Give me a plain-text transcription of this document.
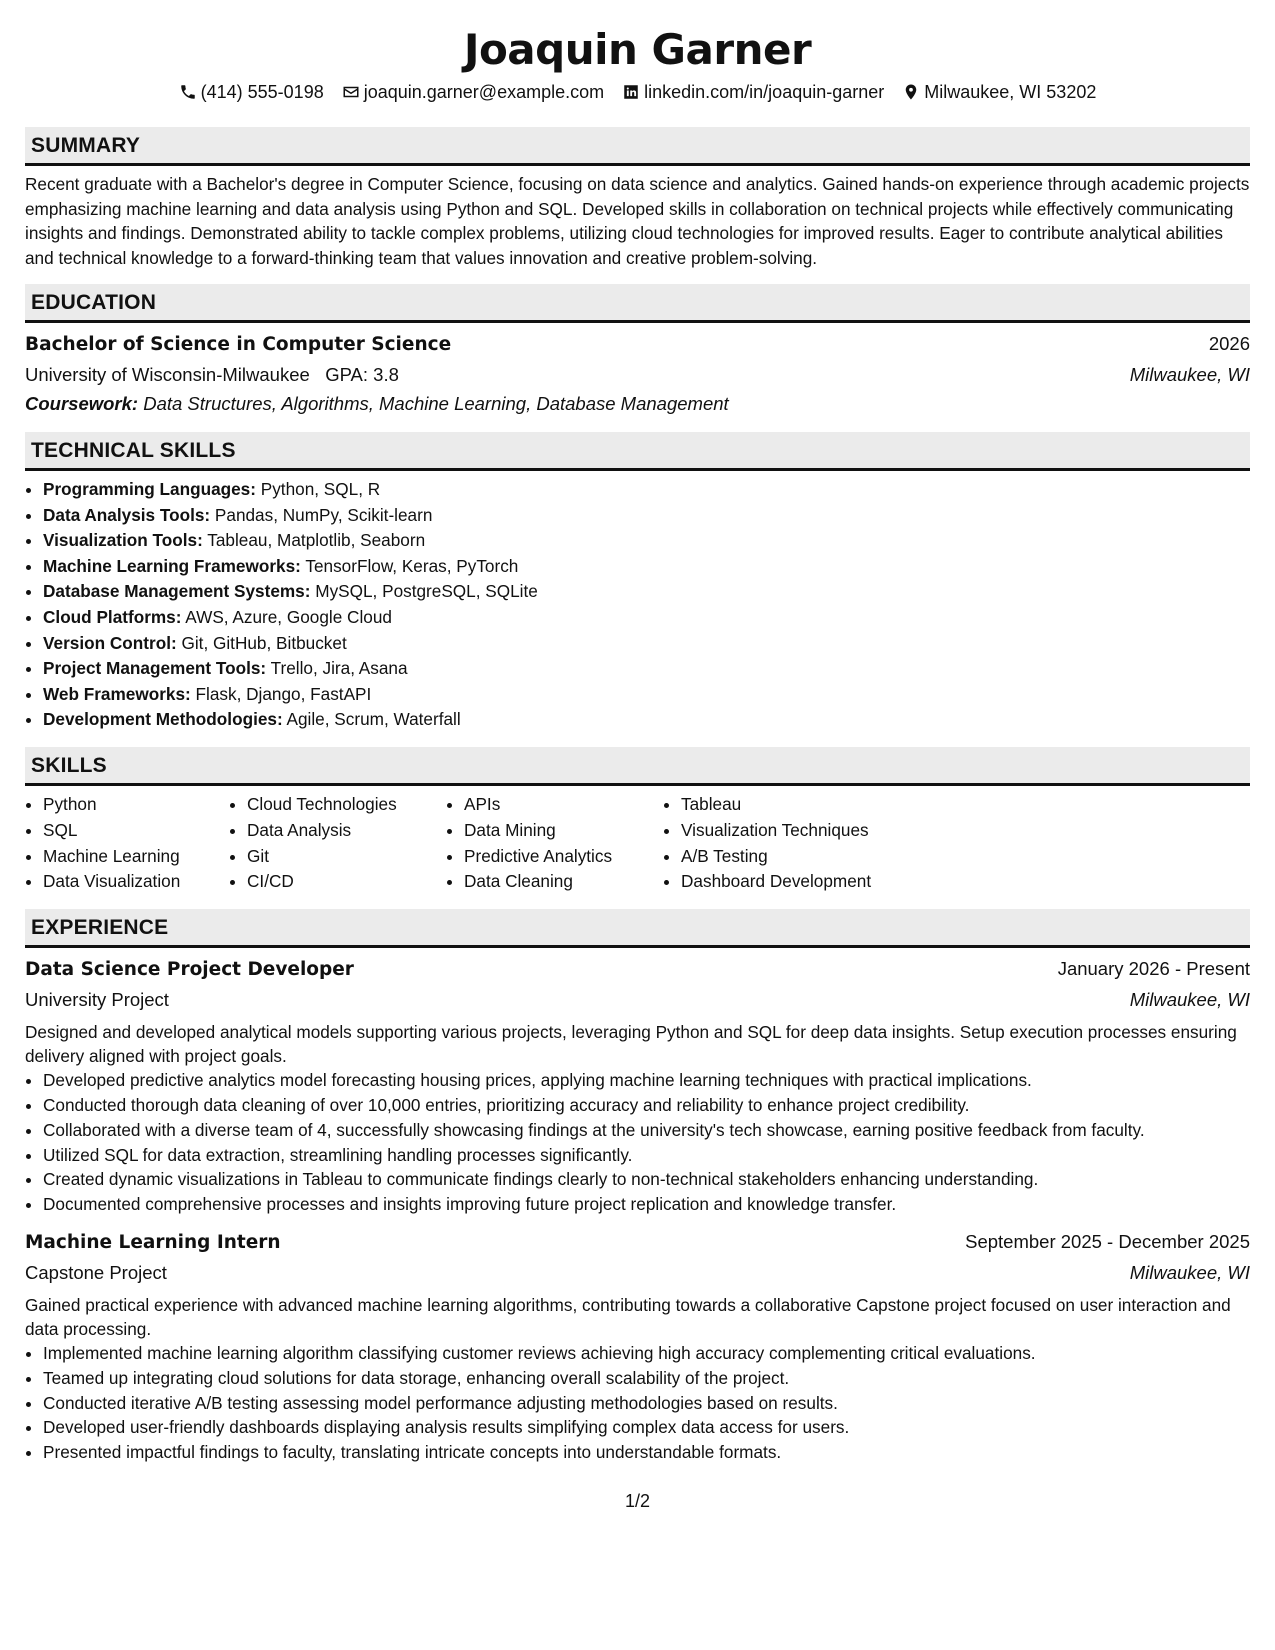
Joaquin Garner
(414) 555-0198 joaquin.garner@example.com linkedin.com/in/joaquin-garner Milwaukee, WI 53202
SUMMARY

Recent graduate with a Bachelor's degree in Computer Science, focusing on data science and analytics. Gained hands-on experience through academic projects emphasizing machine learning and data analysis using Python and SQL. Developed skills in collaboration on technical projects while effectively communicating insights and findings. Demonstrated ability to tackle complex problems, utilizing cloud technologies for improved results. Eager to contribute analytical abilities and technical knowledge to a forward-thinking team that values innovation and creative problem-solving.

EDUCATION
Bachelor of Science in Computer Science	2026
University of Wisconsin-Milwaukee GPA: 3.8	Milwaukee, WI
Coursework: Data Structures, Algorithms, Machine Learning, Database Management
TECHNICAL SKILLS
• Programming Languages: Python, SQL, R
• Data Analysis Tools: Pandas, NumPy, Scikit-learn
• Visualization Tools: Tableau, Matplotlib, Seaborn
• Machine Learning Frameworks: TensorFlow, Keras, PyTorch
• Database Management Systems: MySQL, PostgreSQL, SQLite
• Cloud Platforms: AWS, Azure, Google Cloud
• Version Control: Git, GitHub, Bitbucket
• Project Management Tools: Trello, Jira, Asana
• Web Frameworks: Flask, Django, FastAPI
• Development Methodologies: Agile, Scrum, Waterfall
SKILLS
• Python
• SQL
• Machine Learning
• Data Visualization
• Cloud Technologies
• Data Analysis
• Git
• CI/CD
• APIs
• Data Mining
• Predictive Analytics
• Data Cleaning
• Tableau
• Visualization Techniques
• A/B Testing
• Dashboard Development
EXPERIENCE
Data Science Project Developer	January 2026 - Present
University Project	Milwaukee, WI

Designed and developed analytical models supporting various projects, leveraging Python and SQL for deep data insights. Setup execution processes ensuring delivery aligned with project goals.

• Developed predictive analytics model forecasting housing prices, applying machine learning techniques with practical implications.
• Conducted thorough data cleaning of over 10,000 entries, prioritizing accuracy and reliability to enhance project credibility.
• Collaborated with a diverse team of 4, successfully showcasing findings at the university's tech showcase, earning positive feedback from faculty.
• Utilized SQL for data extraction, streamlining handling processes significantly.
• Created dynamic visualizations in Tableau to communicate findings clearly to non-technical stakeholders enhancing understanding.
• Documented comprehensive processes and insights improving future project replication and knowledge transfer.
Machine Learning Intern	September 2025 - December 2025
Capstone Project	Milwaukee, WI

Gained practical experience with advanced machine learning algorithms, contributing towards a collaborative Capstone project focused on user interaction and data processing.

• Implemented machine learning algorithm classifying customer reviews achieving high accuracy complementing critical evaluations.
• Teamed up integrating cloud solutions for data storage, enhancing overall scalability of the project.
• Conducted iterative A/B testing assessing model performance adjusting methodologies based on results.
• Developed user-friendly dashboards displaying analysis results simplifying complex data access for users.
• Presented impactful findings to faculty, translating intricate concepts into understandable formats.
1/2
